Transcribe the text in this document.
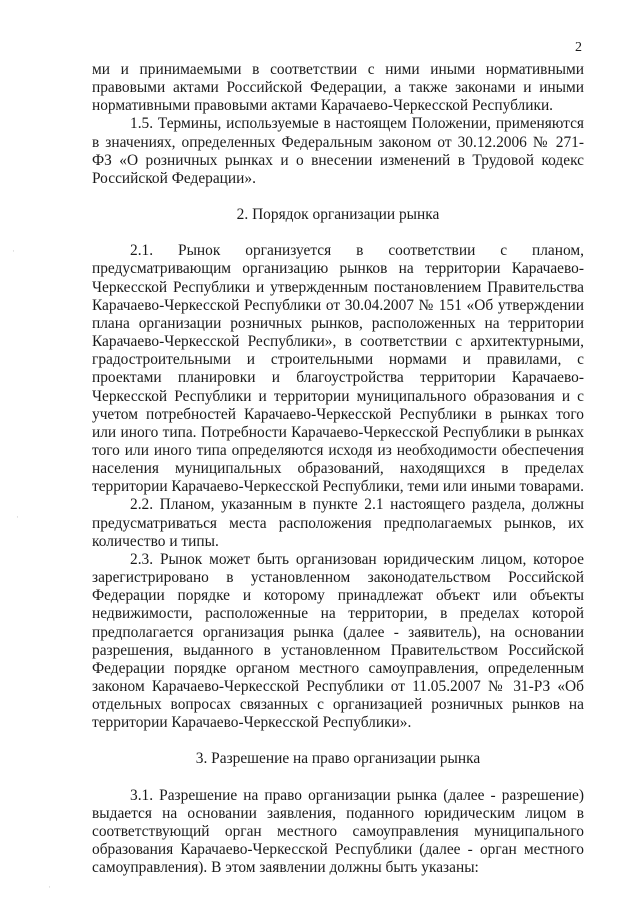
2

ми и принимаемыми в соответствии с ними иными нормативными правовыми актами Российской Федерации, а также законами и иными нормативными правовыми актами Карачаево-Черкесской Республики.

1.5. Термины, используемые в настоящем Положении, применяются в значениях, определенных Федеральным законом от 30.12.2006 № 271-ФЗ «О розничных рынках и о внесении изменений в Трудовой кодекс Российской Федерации».

2. Порядок организации рынка

2.1. Рынок организуется в соответствии с планом, предусматривающим организацию рынков на территории Карачаево-Черкесской Республики и утвержденным постановлением Правительства Карачаево-Черкесской Республики от 30.04.2007 № 151 «Об утверждении плана организации розничных рынков, расположенных на территории Карачаево-Черкесской Республики», в соответствии с архитектурными, градостроительными и строительными нормами и правилами, с проектами планировки и благоустройства территории Карачаево-Черкесской Республики и территории муниципального образования и с учетом потребностей Карачаево-Черкесской Республики в рынках того или иного типа. Потребности Карачаево-Черкесской Республики в рынках того или иного типа определяются исходя из необходимости обеспечения населения муниципальных образований, находящихся в пределах территории Карачаево-Черкесской Республики, теми или иными товарами.

2.2. Планом, указанным в пункте 2.1 настоящего раздела, должны предусматриваться места расположения предполагаемых рынков, их количество и типы.

2.3. Рынок может быть организован юридическим лицом, которое зарегистрировано в установленном законодательством Российской Федерации порядке и которому принадлежат объект или объекты недвижимости, расположенные на территории, в пределах которой предполагается организация рынка (далее - заявитель), на основании разрешения, выданного в установленном Правительством Российской Федерации порядке органом местного самоуправления, определенным законом Карачаево-Черкесской Республики от 11.05.2007 № 31-РЗ «Об отдельных вопросах связанных с организацией розничных рынков на территории Карачаево-Черкесской Республики».

3. Разрешение на право организации рынка

3.1. Разрешение на право организации рынка (далее - разрешение) выдается на основании заявления, поданного юридическим лицом в соответствующий орган местного самоуправления муниципального образования Карачаево-Черкесской Республики (далее - орган местного самоуправления). В этом заявлении должны быть указаны:

·
·
·
